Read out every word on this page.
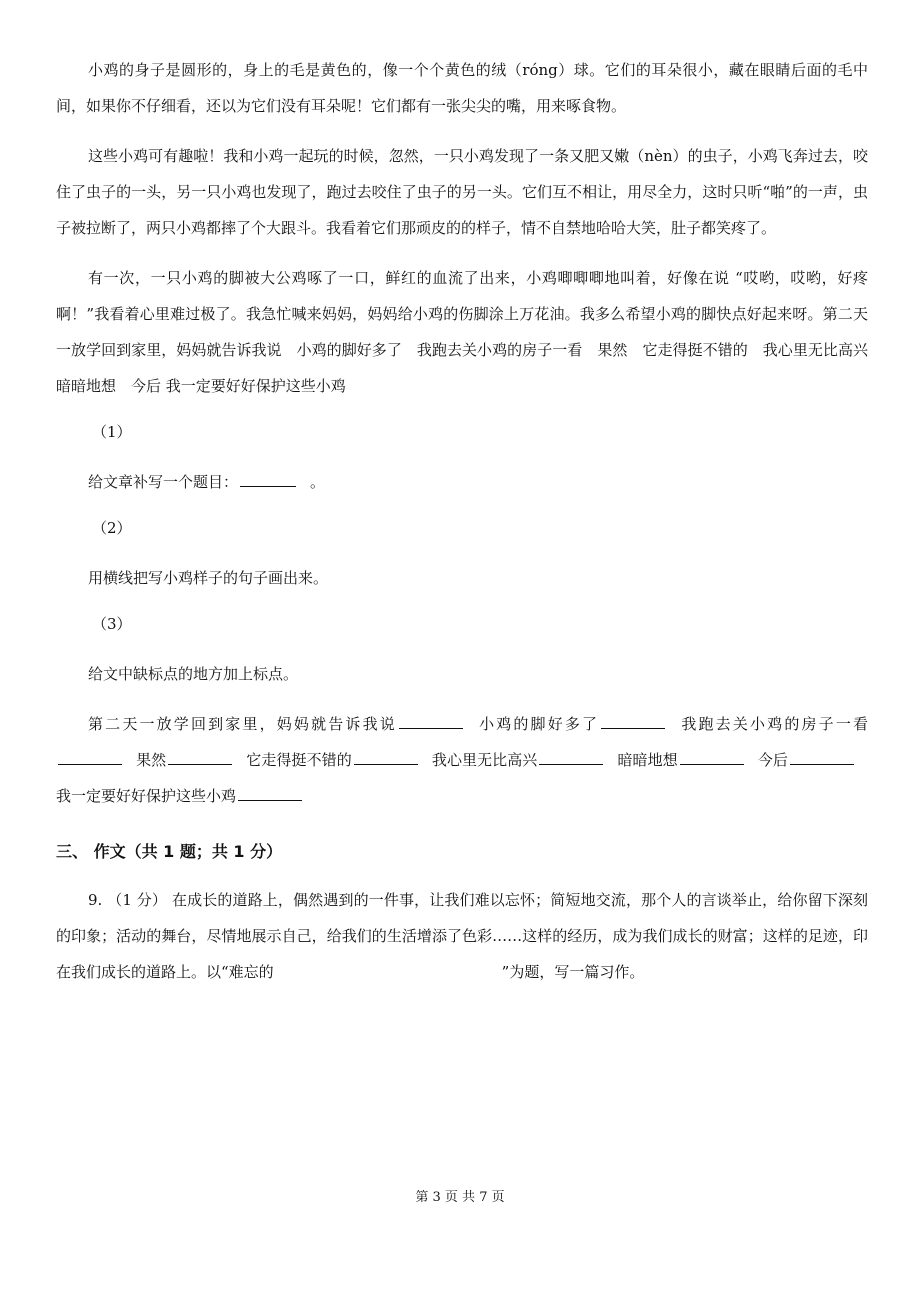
小鸡的身子是圆形的，身上的毛是黄色的，像一个个黄色的绒（róng）球。它们的耳朵很小，藏在眼睛后面的毛中间，如果你不仔细看，还以为它们没有耳朵呢！它们都有一张尖尖的嘴，用来啄食物。

这些小鸡可有趣啦！我和小鸡一起玩的时候，忽然，一只小鸡发现了一条又肥又嫩（nèn）的虫子，小鸡飞奔过去，咬住了虫子的一头，另一只小鸡也发现了，跑过去咬住了虫子的另一头。它们互不相让，用尽全力，这时只听“啪”的一声，虫子被拉断了，两只小鸡都摔了个大跟斗。我看着它们那顽皮的的样子，情不自禁地哈哈大笑，肚子都笑疼了。

有一次，一只小鸡的脚被大公鸡啄了一口，鲜红的血流了出来，小鸡唧唧唧地叫着，好像在说 “哎哟，哎哟，好疼啊！”我看着心里难过极了。我急忙喊来妈妈，妈妈给小鸡的伤脚涂上万花油。我多么希望小鸡的脚快点好起来呀。第二天一放学回到家里，妈妈就告诉我说　小鸡的脚好多了　我跑去关小鸡的房子一看　果然　它走得挺不错的　我心里无比高兴　暗暗地想　今后 我一定要好好保护这些小鸡

（1）

给文章补写一个题目：	。

（2）

用横线把写小鸡样子的句子画出来。

（3）

给文中缺标点的地方加上标点。

第二天一放学回到家里，妈妈就告诉我说	小鸡的脚好多了	我跑去关小鸡的房子一看果然	它走得挺不错的	我心里无比高兴	暗暗地想	今后我一定要好好保护这些小鸡

三、 作文（共 1 题；共 1 分）

9. （1 分） 在成长的道路上，偶然遇到的一件事，让我们难以忘怀；简短地交流，那个人的言谈举止，给你留下深刻的印象；活动的舞台，尽情地展示自己，给我们的生活增添了色彩……这样的经历，成为我们成长的财富；这样的足迹，印在我们成长的道路上。以“难忘的	”为题，写一篇习作。

第 3 页 共 7 页
